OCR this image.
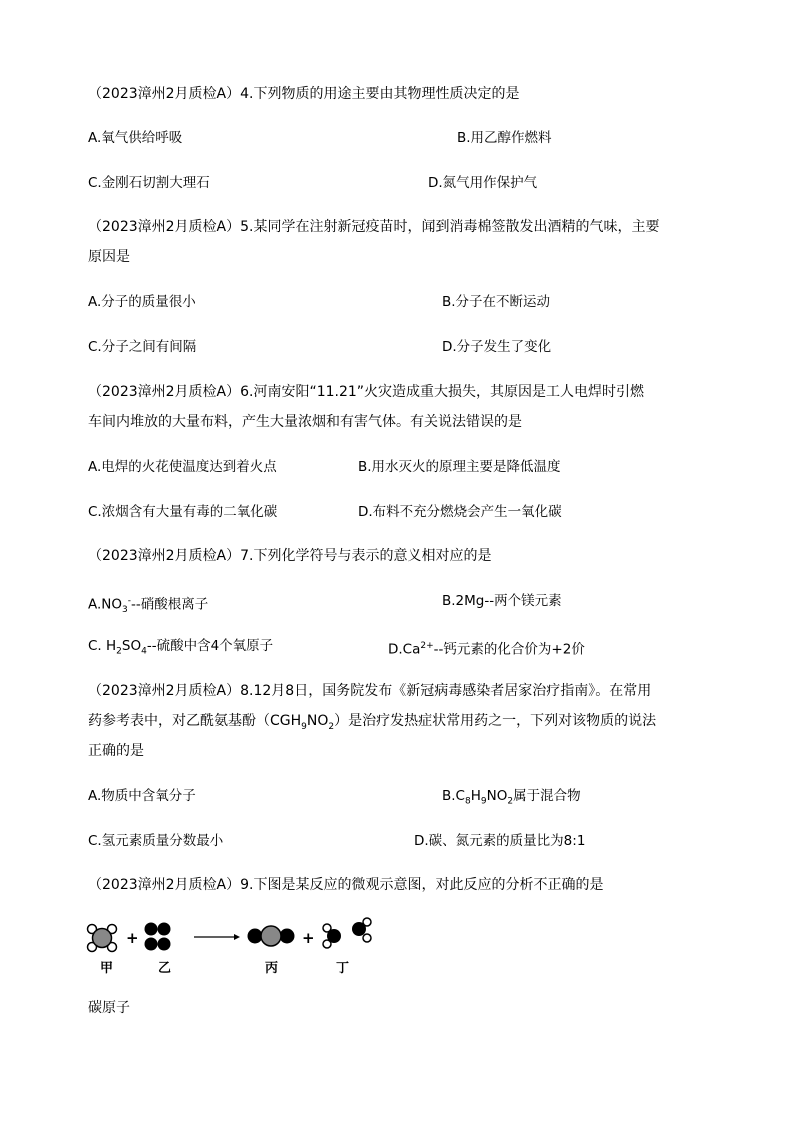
（2023漳州2月质检A）4.下列物质的用途主要由其物理性质决定的是
A.氧气供给呼吸	B.用乙醇作燃料
C.金刚石切割大理石	D.氮气用作保护气
（2023漳州2月质检A）5.某同学在注射新冠疫苗时，闻到消毒棉签散发出酒精的气味，主要
原因是
A.分子的质量很小	B.分子在不断运动
C.分子之间有间隔	D.分子发生了变化
（2023漳州2月质检A）6.河南安阳“11.21”火灾造成重大损失，其原因是工人电焊时引燃
车间内堆放的大量布料，产生大量浓烟和有害气体。有关说法错误的是
A.电焊的火花使温度达到着火点	B.用水灭火的原理主要是降低温度
C.浓烟含有大量有毒的二氧化碳	D.布料不充分燃烧会产生一氧化碳
（2023漳州2月质检A）7.下列化学符号与表示的意义相对应的是
$A.NO_3^---$硝酸根离子	B.2Mg--两个镁元素
C. $H_2SO_4--$硫酸中含4个氧原子	$D.Ca^{2+}--$钙元素的化合价为+2价
（2023漳州2月质检A）8.12月8日，国务院发布《新冠病毒感染者居家治疗指南》。在常用
药参考表中，对乙酰氨基酚$(CGH_9NO_2)$是治疗发热症状常用药之一，下列对该物质的说法
正确的是
A.物质中含氧分子	$B.C_8H_9NO_2$属于混合物
C.氢元素质量分数最小	D.碳、氮元素的质量比为8:1
（2023漳州2月质检A）9.下图是某反应的微观示意图，对此反应的分析不正确的是
+	+
甲	乙	丙	丁
碳原子
